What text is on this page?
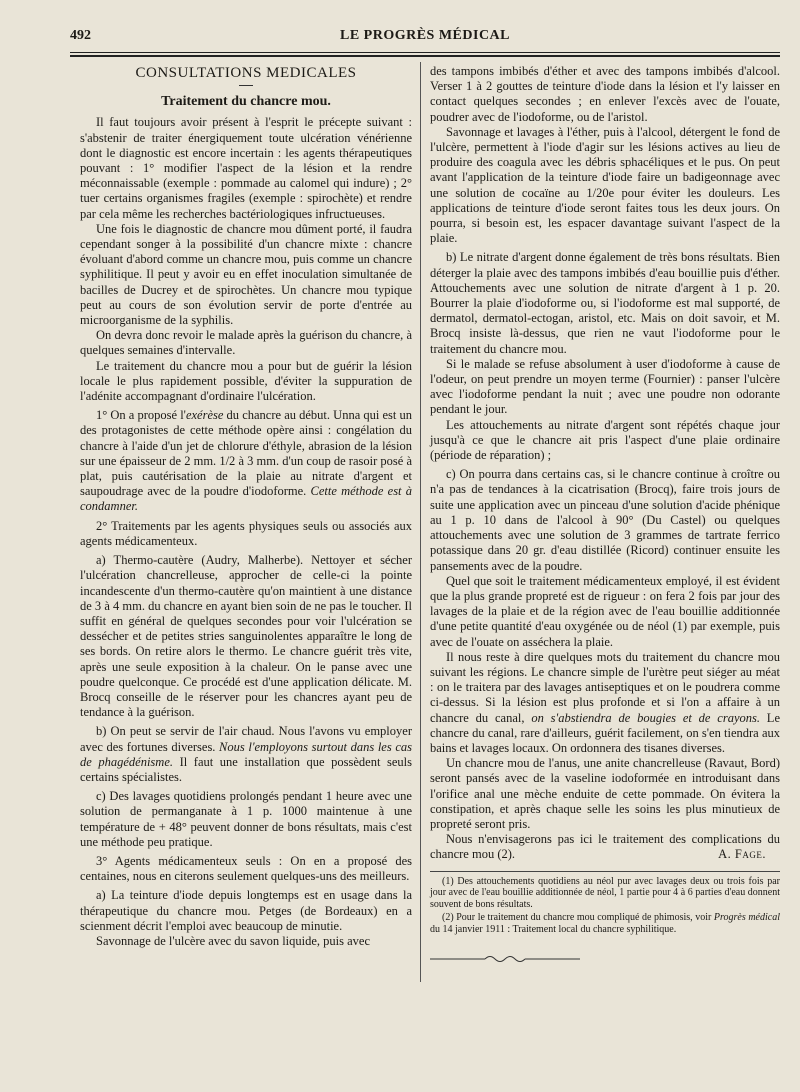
492	LE PROGRÈS MÉDICAL
CONSULTATIONS MEDICALES
Traitement du chancre mou.

Il faut toujours avoir présent à l'esprit le précepte suivant : s'abstenir de traiter énergiquement toute ulcération vénérienne dont le diagnostic est encore incertain : les agents thérapeutiques pouvant : 1° modifier l'aspect de la lésion et la rendre méconnaissable (exemple : pommade au calomel qui indure) ; 2° tuer certains organismes fragiles (exemple : spirochète) et rendre par cela même les recherches bactériologiques infructueuses.

Une fois le diagnostic de chancre mou dûment porté, il faudra cependant songer à la possibilité d'un chancre mixte : chancre évoluant d'abord comme un chancre mou, puis comme un chancre syphilitique. Il peut y avoir eu en effet inoculation simultanée de bacilles de Ducrey et de spirochètes. Un chancre mou typique peut au cours de son évolution servir de porte d'entrée au microorganisme de la syphilis.

On devra donc revoir le malade après la guérison du chancre, à quelques semaines d'intervalle.

Le traitement du chancre mou a pour but de guérir la lésion locale le plus rapidement possible, d'éviter la suppuration de l'adénite accompagnant d'ordinaire l'ulcération.

1° On a proposé l'exérèse du chancre au début. Unna qui est un des protagonistes de cette méthode opère ainsi : congélation du chancre à l'aide d'un jet de chlorure d'éthyle, abrasion de la lésion sur une épaisseur de 2 mm. 1/2 à 3 mm. d'un coup de rasoir posé à plat, puis cautérisation de la plaie au nitrate d'argent et saupoudrage avec de la poudre d'iodoforme. Cette méthode est à condamner.

2° Traitements par les agents physiques seuls ou associés aux agents médicamenteux.

a) Thermo-cautère (Audry, Malherbe). Nettoyer et sécher l'ulcération chancrelleuse, approcher de celle-ci la pointe incandescente d'un thermo-cautère qu'on maintient à une distance de 3 à 4 mm. du chancre en ayant bien soin de ne pas le toucher. Il suffit en général de quelques secondes pour voir l'ulcération se dessécher et de petites stries sanguinolentes apparaître le long de ses bords. On retire alors le thermo. Le chancre guérit très vite, après une seule exposition à la chaleur. On le panse avec une poudre quelconque. Ce procédé est d'une application délicate. M. Brocq conseille de le réserver pour les chancres ayant peu de tendance à la guérison.

b) On peut se servir de l'air chaud. Nous l'avons vu employer avec des fortunes diverses. Nous l'employons surtout dans les cas de phagédénisme. Il faut une installation que possèdent seuls certains spécialistes.

c) Des lavages quotidiens prolongés pendant 1 heure avec une solution de permanganate à 1 p. 1000 maintenue à une température de + 48° peuvent donner de bons résultats, mais c'est une méthode peu pratique.

3° Agents médicamenteux seuls : On en a proposé des centaines, nous en citerons seulement quelques-uns des meilleurs.

a) La teinture d'iode depuis longtemps est en usage dans la thérapeutique du chancre mou. Petges (de Bordeaux) en a scienment décrit l'emploi avec beaucoup de minutie.

Savonnage de l'ulcère avec du savon liquide, puis avec

des tampons imbibés d'éther et avec des tampons imbibés d'alcool. Verser 1 à 2 gouttes de teinture d'iode dans la lésion et l'y laisser en contact quelques secondes ; en enlever l'excès avec de l'ouate, poudrer avec de l'iodoforme, ou de l'aristol.

Savonnage et lavages à l'éther, puis à l'alcool, détergent le fond de l'ulcère, permettent à l'iode d'agir sur les lésions actives au lieu de produire des coagula avec les débris sphacéliques et le pus. On peut avant l'application de la teinture d'iode faire un badigeonnage avec une solution de cocaïne au 1/20e pour éviter les douleurs. Les applications de teinture d'iode seront faites tous les deux jours. On pourra, si besoin est, les espacer davantage suivant l'aspect de la plaie.

b) Le nitrate d'argent donne également de très bons résultats. Bien déterger la plaie avec des tampons imbibés d'eau bouillie puis d'éther. Attouchements avec une solution de nitrate d'argent à 1 p. 20. Bourrer la plaie d'iodoforme ou, si l'iodoforme est mal supporté, de dermatol, dermatol-ectogan, aristol, etc. Mais on doit savoir, et M. Brocq insiste là-dessus, que rien ne vaut l'iodoforme pour le traitement du chancre mou.

Si le malade se refuse absolument à user d'iodoforme à cause de l'odeur, on peut prendre un moyen terme (Fournier) : panser l'ulcère avec l'iodoforme pendant la nuit ; avec une poudre non odorante pendant le jour.

Les attouchements au nitrate d'argent sont répétés chaque jour jusqu'à ce que le chancre ait pris l'aspect d'une plaie ordinaire (période de réparation) ;

c) On pourra dans certains cas, si le chancre continue à croître ou n'a pas de tendances à la cicatrisation (Brocq), faire trois jours de suite une application avec un pinceau d'une solution d'acide phénique au 1 p. 10 dans de l'alcool à 90° (Du Castel) ou quelques attouchements avec une solution de 3 grammes de tartrate ferrico potassique dans 20 gr. d'eau distillée (Ricord) continuer ensuite les pansements avec de la poudre.

Quel que soit le traitement médicamenteux employé, il est évident que la plus grande propreté est de rigueur : on fera 2 fois par jour des lavages de la plaie et de la région avec de l'eau bouillie additionnée d'une petite quantité d'eau oxygénée ou de néol (1) par exemple, puis avec de l'ouate on asséchera la plaie.

Il nous reste à dire quelques mots du traitement du chancre mou suivant les régions. Le chancre simple de l'urètre peut siéger au méat : on le traitera par des lavages antiseptiques et on le poudrera comme ci-dessus. Si la lésion est plus profonde et si l'on a affaire à un chancre du canal, on s'abstiendra de bougies et de crayons. Le chancre du canal, rare d'ailleurs, guérit facilement, on s'en tiendra aux bains et lavages locaux. On ordonnera des tisanes diverses.

Un chancre mou de l'anus, une anite chancrelleuse (Ravaut, Bord) seront pansés avec de la vaseline iodoformée en introduisant dans l'orifice anal une mèche enduite de cette pommade. On évitera la constipation, et après chaque selle les soins les plus minutieux de propreté seront pris.

Nous n'envisagerons pas ici le traitement des complications du chancre mou (2).	A. Fage.

(1) Des attouchements quotidiens au néol pur avec lavages deux ou trois fois par jour avec de l'eau bouillie additionnée de néol, 1 partie pour 4 à 6 parties d'eau donnent souvent de bons résultats.

(2) Pour le traitement du chancre mou compliqué de phimosis, voir Progrès médical du 14 janvier 1911 : Traitement local du chancre syphilitique.
